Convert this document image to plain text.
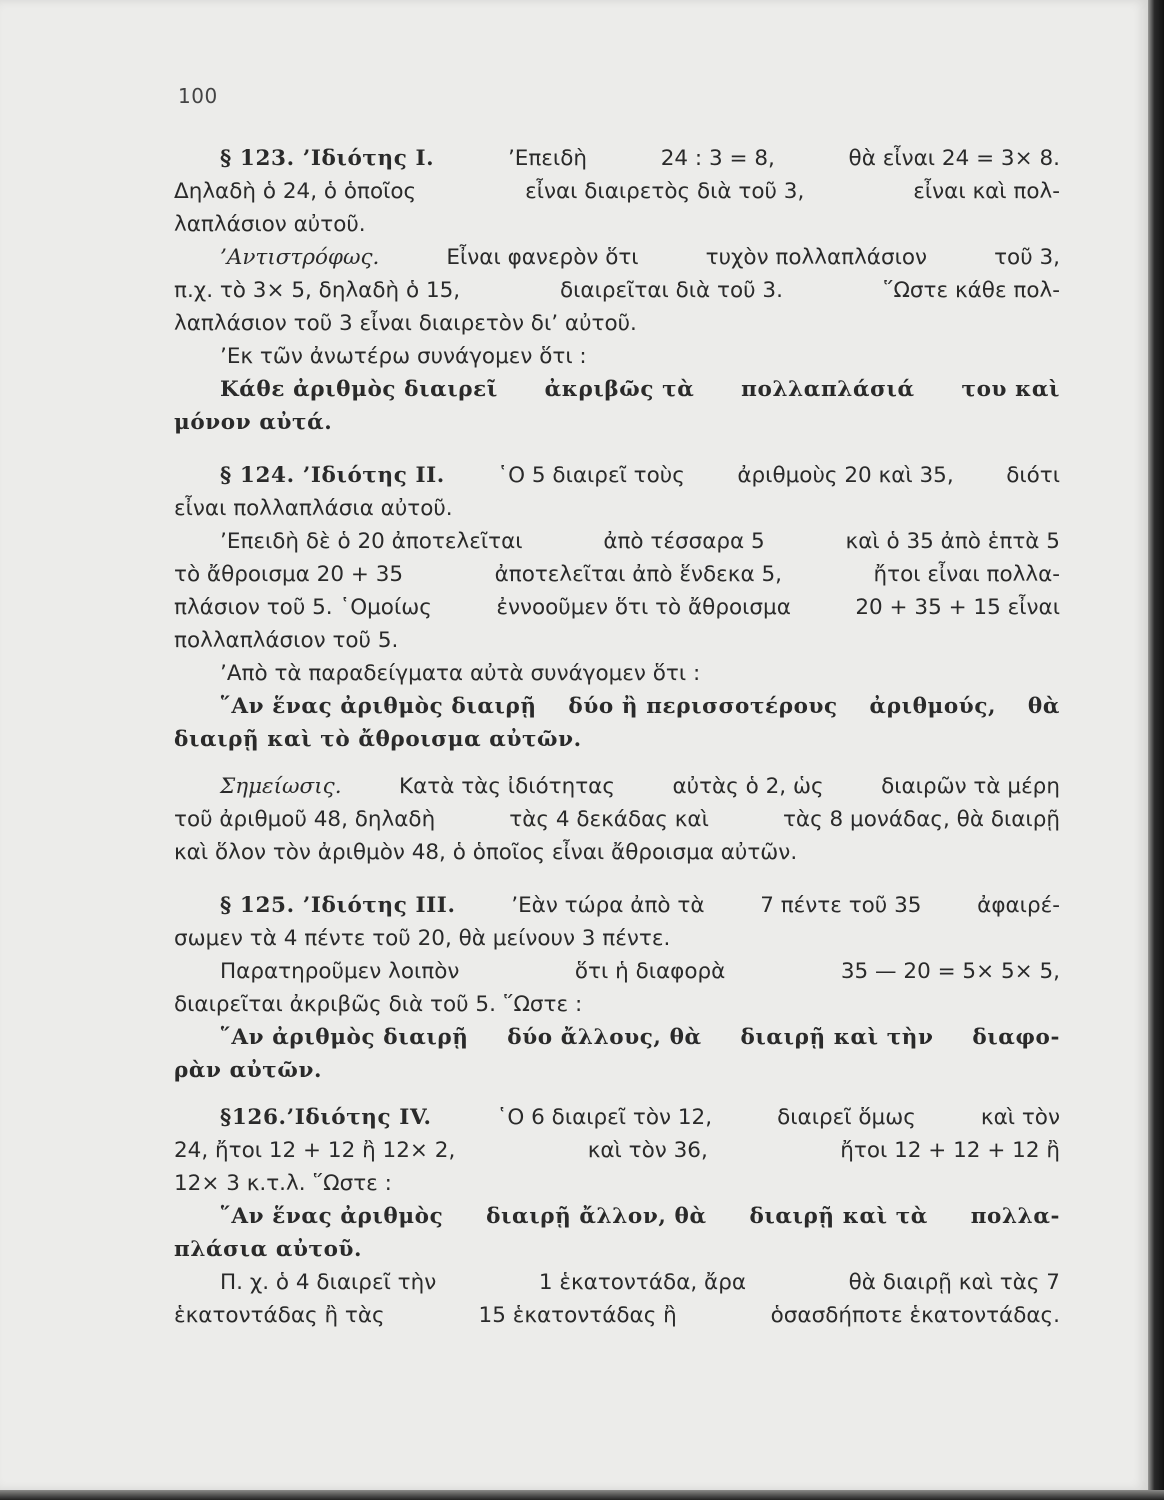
100
§ 123. ’Ιδιότης I.	’Επειδὴ	24 : 3 = 8,	θὰ εἶναι 24 = 3× 8.
Δηλαδὴ ὁ 24, ὁ ὁποῖος	εἶναι διαιρετὸς διὰ τοῦ 3,	εἶναι καὶ πολ-
λαπλάσιον αὐτοῦ.
’Αντιστρόφως.	Εἶναι φανερὸν ὅτι	τυχὸν πολλαπλάσιον	τοῦ 3,
π.χ. τὸ 3× 5, δηλαδὴ ὁ 15,	διαιρεῖται διὰ τοῦ 3.	῞Ωστε κάθε πολ-
λαπλάσιον τοῦ 3 εἶναι διαιρετὸν δι’ αὐτοῦ.
’Εκ τῶν ἀνωτέρω συνάγομεν ὅτι :
Κάθε ἀριθμὸς διαιρεῖ ἀκριβῶς τὰ πολλαπλάσιά του καὶ
μόνον αὐτά.
§ 124. ’Ιδιότης II. ῾Ο 5 διαιρεῖ τοὺς ἀριθμοὺς 20 καὶ 35, διότι
εἶναι πολλαπλάσια αὐτοῦ.
’Επειδὴ δὲ ὁ 20 ἀποτελεῖται	ἀπὸ τέσσαρα 5	καὶ ὁ 35 ἀπὸ ἑπτὰ 5
τὸ ἄθροισμα 20 + 35	ἀποτελεῖται ἀπὸ ἕνδεκα 5,	ἤτοι εἶναι πολλα-
πλάσιον τοῦ 5. ῾Ομοίως	ἐννοοῦμεν ὅτι τὸ ἄθροισμα	20 + 35 + 15 εἶναι
πολλαπλάσιον τοῦ 5.
’Απὸ τὰ παραδείγματα αὐτὰ συνάγομεν ὅτι :
῞Αν ἕνας ἀριθμὸς διαιρῇ δύο ἢ περισσοτέρους ἀριθμούς, θὰ
διαιρῇ καὶ τὸ ἄθροισμα αὐτῶν.
Σημείωσις.	Κατὰ τὰς ἰδιότητας	αὐτὰς ὁ 2, ὡς	διαιρῶν τὰ μέρη
τοῦ ἀριθμοῦ 48, δηλαδὴ	τὰς 4 δεκάδας καὶ	τὰς 8 μονάδας, θὰ διαιρῇ
καὶ ὅλον τὸν ἀριθμὸν 48, ὁ ὁποῖος εἶναι ἄθροισμα αὐτῶν.
§ 125. ’Ιδιότης III.	’Εὰν τώρα ἀπὸ τὰ	7 πέντε τοῦ 35	ἀφαιρέ-
σωμεν τὰ 4 πέντε τοῦ 20, θὰ μείνουν 3 πέντε.
Παρατηροῦμεν λοιπὸν	ὅτι ἡ διαφορὰ	35 — 20 = 5× 5× 5,
διαιρεῖται ἀκριβῶς διὰ τοῦ 5. ῞Ωστε :
῞Αν ἀριθμὸς διαιρῇ δύο ἄλλους, θὰ διαιρῇ καὶ τὴν διαφο-
ρὰν αὐτῶν.
§126.’Ιδιότης IV.	῾Ο 6 διαιρεῖ τὸν 12,	διαιρεῖ ὅμως	καὶ τὸν
24, ἤτοι 12 + 12 ἢ 12× 2,	καὶ τὸν 36,	ἤτοι 12 + 12 + 12 ἢ
12× 3 κ.τ.λ. ῞Ωστε :
῞Αν ἕνας ἀριθμὸς διαιρῇ ἄλλον, θὰ διαιρῇ καὶ τὰ πολλα-
πλάσια αὐτοῦ.
Π. χ. ὁ 4 διαιρεῖ τὴν	1 ἑκατοντάδα, ἄρα	θὰ διαιρῇ καὶ τὰς 7
ἑκατοντάδας ἢ τὰς	15 ἑκατοντάδας ἢ	ὁσασδήποτε ἑκατοντάδας.
